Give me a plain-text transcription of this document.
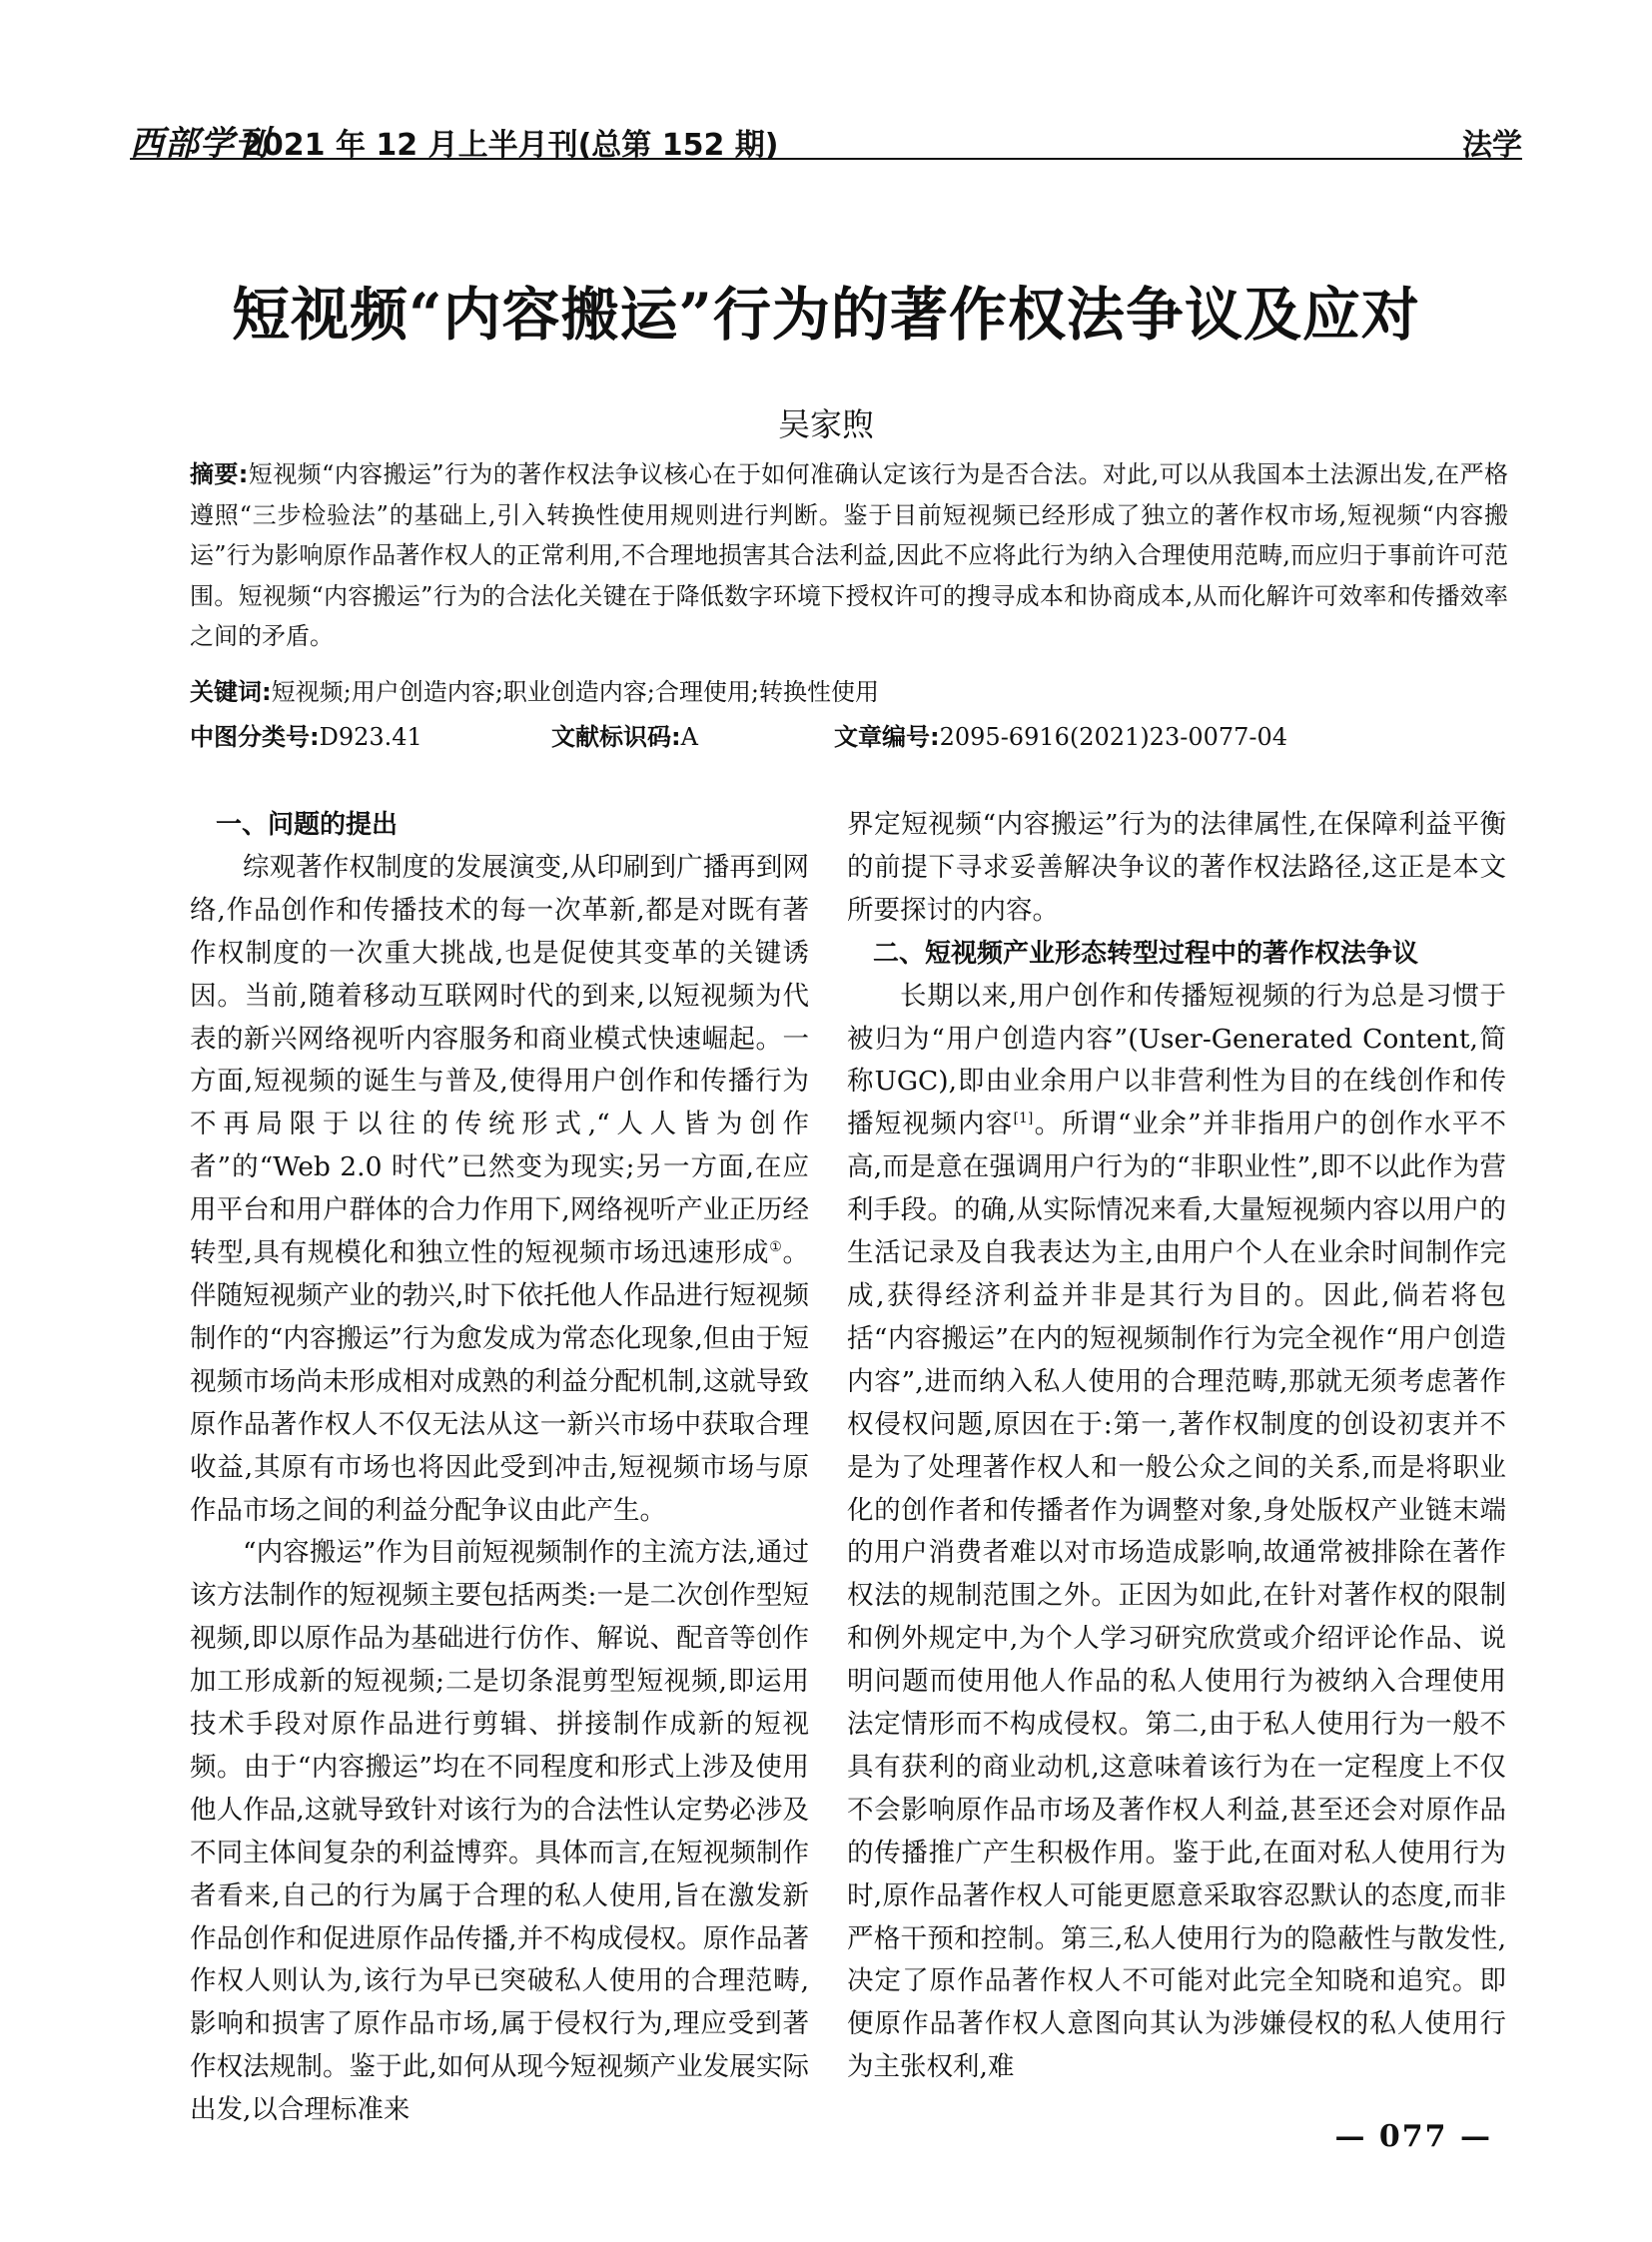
西部学刊
2021 年 12 月上半月刊(总第 152 期)	法学
短视频“内容搬运”行为的著作权法争议及应对
吴家煦
摘要:短视频“内容搬运”行为的著作权法争议核心在于如何准确认定该行为是否合法。对此,可以从我国本土法源出发,在严格遵照“三步检验法”的基础上,引入转换性使用规则进行判断。鉴于目前短视频已经形成了独立的著作权市场,短视频“内容搬运”行为影响原作品著作权人的正常利用,不合理地损害其合法利益,因此不应将此行为纳入合理使用范畴,而应归于事前许可范围。短视频“内容搬运”行为的合法化关键在于降低数字环境下授权许可的搜寻成本和协商成本,从而化解许可效率和传播效率之间的矛盾。
关键词:短视频;用户创造内容;职业创造内容;合理使用;转换性使用
中图分类号:D923.41	文献标识码:A	文章编号:2095-6916(2021)23-0077-04
一、问题的提出

综观著作权制度的发展演变,从印刷到广播再到网络,作品创作和传播技术的每一次革新,都是对既有著作权制度的一次重大挑战,也是促使其变革的关键诱因。当前,随着移动互联网时代的到来,以短视频为代表的新兴网络视听内容服务和商业模式快速崛起。一方面,短视频的诞生与普及,使得用户创作和传播行为不再局限于以往的传统形式,“人人皆为创作者”的“Web 2.0 时代”已然变为现实;另一方面,在应用平台和用户群体的合力作用下,网络视听产业正历经转型,具有规模化和独立性的短视频市场迅速形成①。伴随短视频产业的勃兴,时下依托他人作品进行短视频制作的“内容搬运”行为愈发成为常态化现象,但由于短视频市场尚未形成相对成熟的利益分配机制,这就导致原作品著作权人不仅无法从这一新兴市场中获取合理收益,其原有市场也将因此受到冲击,短视频市场与原作品市场之间的利益分配争议由此产生。

“内容搬运”作为目前短视频制作的主流方法,通过该方法制作的短视频主要包括两类:一是二次创作型短视频,即以原作品为基础进行仿作、解说、配音等创作加工形成新的短视频;二是切条混剪型短视频,即运用技术手段对原作品进行剪辑、拼接制作成新的短视频。由于“内容搬运”均在不同程度和形式上涉及使用他人作品,这就导致针对该行为的合法性认定势必涉及不同主体间复杂的利益博弈。具体而言,在短视频制作者看来,自己的行为属于合理的私人使用,旨在激发新作品创作和促进原作品传播,并不构成侵权。原作品著作权人则认为,该行为早已突破私人使用的合理范畴,影响和损害了原作品市场,属于侵权行为,理应受到著作权法规制。鉴于此,如何从现今短视频产业发展实际出发,以合理标准来

界定短视频“内容搬运”行为的法律属性,在保障利益平衡的前提下寻求妥善解决争议的著作权法路径,这正是本文所要探讨的内容。

二、短视频产业形态转型过程中的著作权法争议

长期以来,用户创作和传播短视频的行为总是习惯于被归为“用户创造内容”(User-Generated Content,简称UGC),即由业余用户以非营利性为目的在线创作和传播短视频内容[1]。所谓“业余”并非指用户的创作水平不高,而是意在强调用户行为的“非职业性”,即不以此作为营利手段。的确,从实际情况来看,大量短视频内容以用户的生活记录及自我表达为主,由用户个人在业余时间制作完成,获得经济利益并非是其行为目的。因此,倘若将包括“内容搬运”在内的短视频制作行为完全视作“用户创造内容”,进而纳入私人使用的合理范畴,那就无须考虑著作权侵权问题,原因在于:第一,著作权制度的创设初衷并不是为了处理著作权人和一般公众之间的关系,而是将职业化的创作者和传播者作为调整对象,身处版权产业链末端的用户消费者难以对市场造成影响,故通常被排除在著作权法的规制范围之外。正因为如此,在针对著作权的限制和例外规定中,为个人学习研究欣赏或介绍评论作品、说明问题而使用他人作品的私人使用行为被纳入合理使用法定情形而不构成侵权。第二,由于私人使用行为一般不具有获利的商业动机,这意味着该行为在一定程度上不仅不会影响原作品市场及著作权人利益,甚至还会对原作品的传播推广产生积极作用。鉴于此,在面对私人使用行为时,原作品著作权人可能更愿意采取容忍默认的态度,而非严格干预和控制。第三,私人使用行为的隐蔽性与散发性,决定了原作品著作权人不可能对此完全知晓和追究。即便原作品著作权人意图向其认为涉嫌侵权的私人使用行为主张权利,难

— 077 —
